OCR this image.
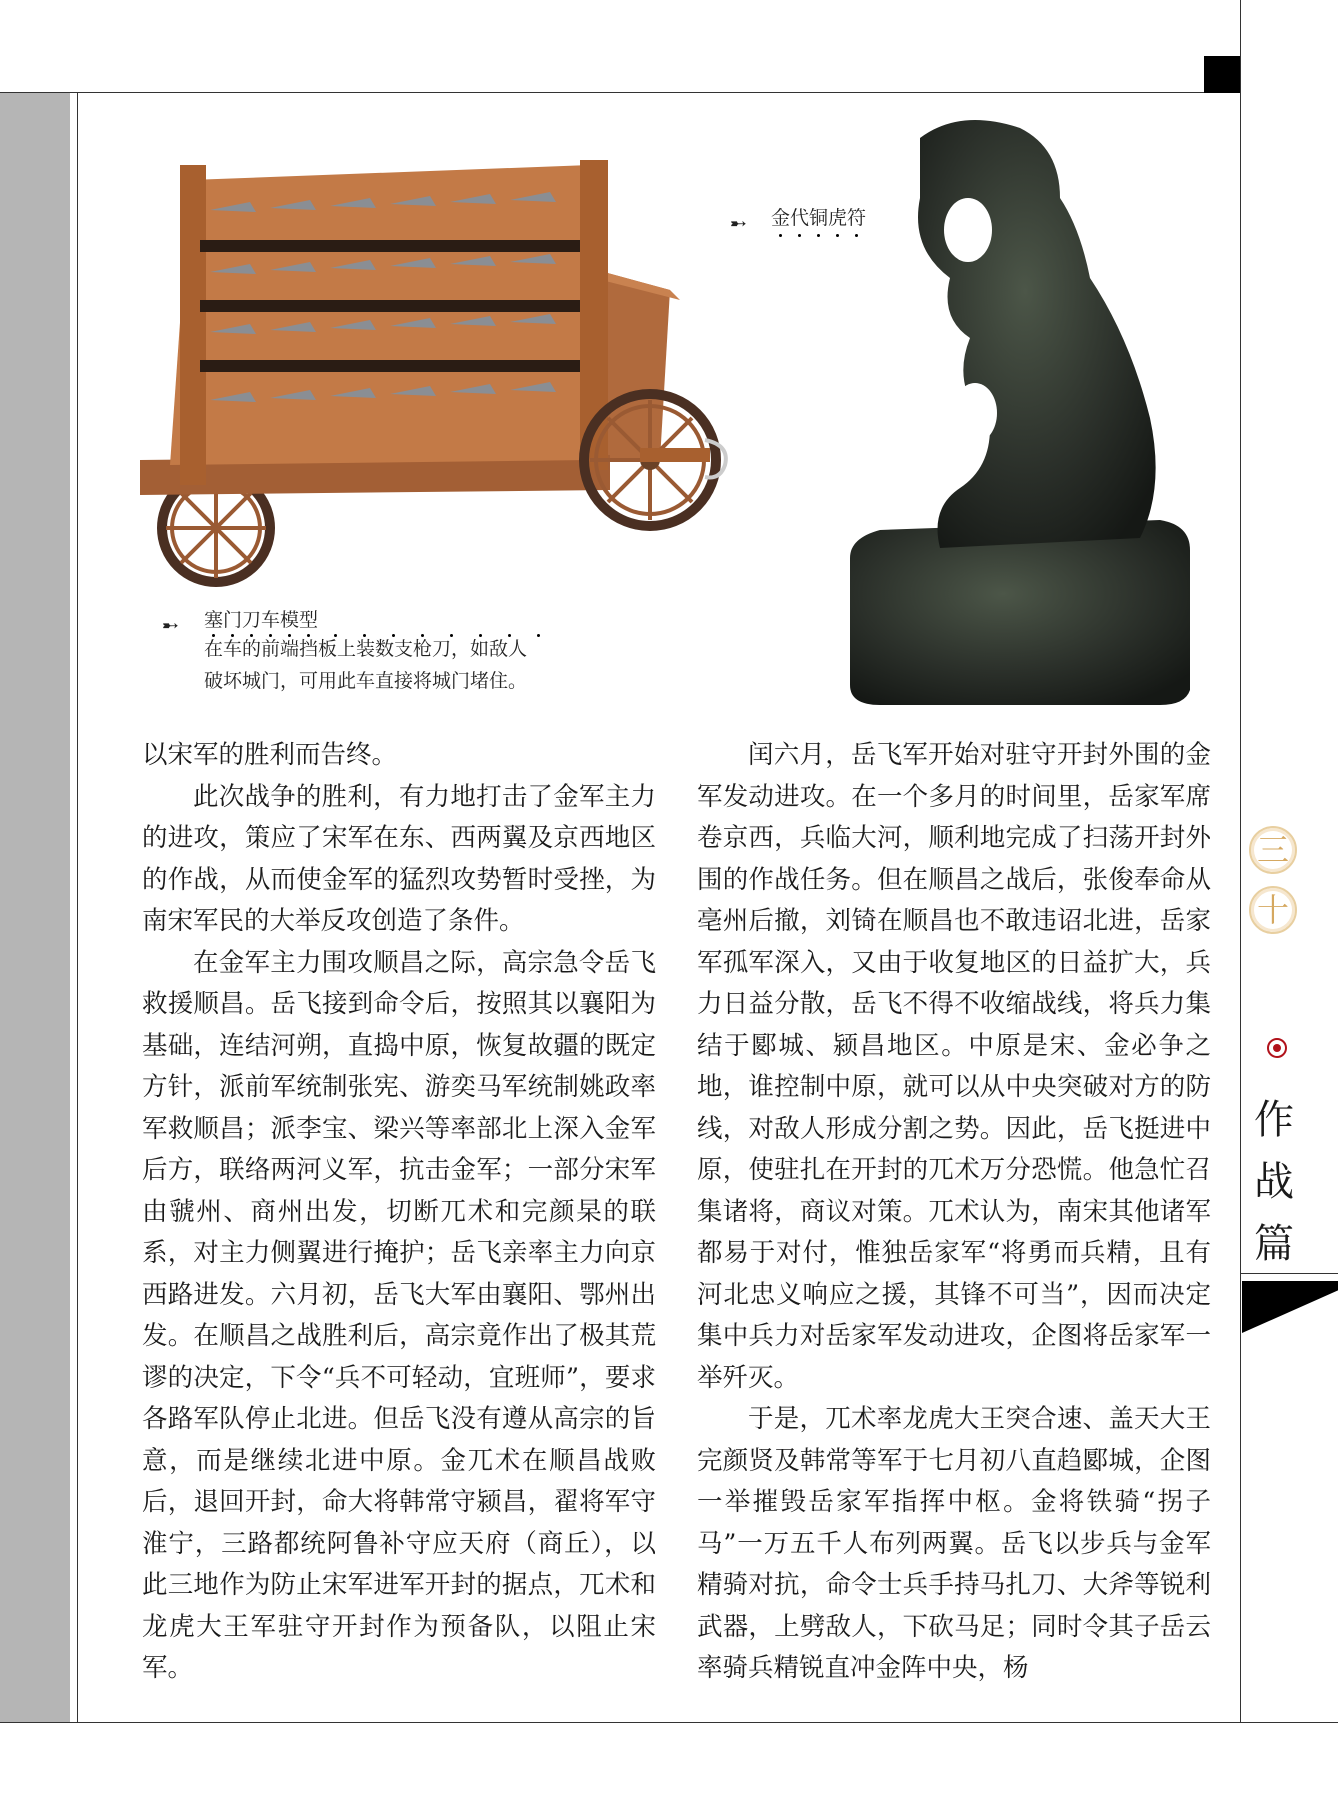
➸ 金代铜虎符
➸ 塞门刀车模型
在车的前端挡板上装数支枪刀，如敌人
破坏城门，可用此车直接将城门堵住。

以宋军的胜利而告终。

此次战争的胜利，有力地打击了金军主力的进攻，策应了宋军在东、西两翼及京西地区的作战，从而使金军的猛烈攻势暂时受挫，为南宋军民的大举反攻创造了条件。

在金军主力围攻顺昌之际，高宗急令岳飞救援顺昌。岳飞接到命令后，按照其以襄阳为基础，连结河朔，直捣中原，恢复故疆的既定方针，派前军统制张宪、游奕马军统制姚政率军救顺昌；派李宝、梁兴等率部北上深入金军后方，联络两河义军，抗击金军；一部分宋军由虢州、商州出发，切断兀术和完颜杲的联系，对主力侧翼进行掩护；岳飞亲率主力向京西路进发。六月初，岳飞大军由襄阳、鄂州出发。在顺昌之战胜利后，高宗竟作出了极其荒谬的决定，下令“兵不可轻动，宜班师”，要求各路军队停止北进。但岳飞没有遵从高宗的旨意，而是继续北进中原。金兀术在顺昌战败后，退回开封，命大将韩常守颍昌，翟将军守淮宁，三路都统阿鲁补守应天府（商丘），以此三地作为防止宋军进军开封的据点，兀术和龙虎大王军驻守开封作为预备队，以阻止宋军。

闰六月，岳飞军开始对驻守开封外围的金军发动进攻。在一个多月的时间里，岳家军席卷京西，兵临大河，顺利地完成了扫荡开封外围的作战任务。但在顺昌之战后，张俊奉命从亳州后撤，刘锜在顺昌也不敢违诏北进，岳家军孤军深入，又由于收复地区的日益扩大，兵力日益分散，岳飞不得不收缩战线，将兵力集结于郾城、颍昌地区。中原是宋、金必争之地，谁控制中原，就可以从中央突破对方的防线，对敌人形成分割之势。因此，岳飞挺进中原，使驻扎在开封的兀术万分恐慌。他急忙召集诸将，商议对策。兀术认为，南宋其他诸军都易于对付，惟独岳家军“将勇而兵精，且有河北忠义响应之援，其锋不可当”，因而决定集中兵力对岳家军发动进攻，企图将岳家军一举歼灭。

于是，兀术率龙虎大王突合速、盖天大王完颜贤及韩常等军于七月初八直趋郾城，企图一举摧毁岳家军指挥中枢。金将铁骑“拐子马”一万五千人布列两翼。岳飞以步兵与金军精骑对抗，命令士兵手持马扎刀、大斧等锐利武器，上劈敌人，下砍马足；同时令其子岳云率骑兵精锐直冲金阵中央，杨

三
十
作
战
篇
